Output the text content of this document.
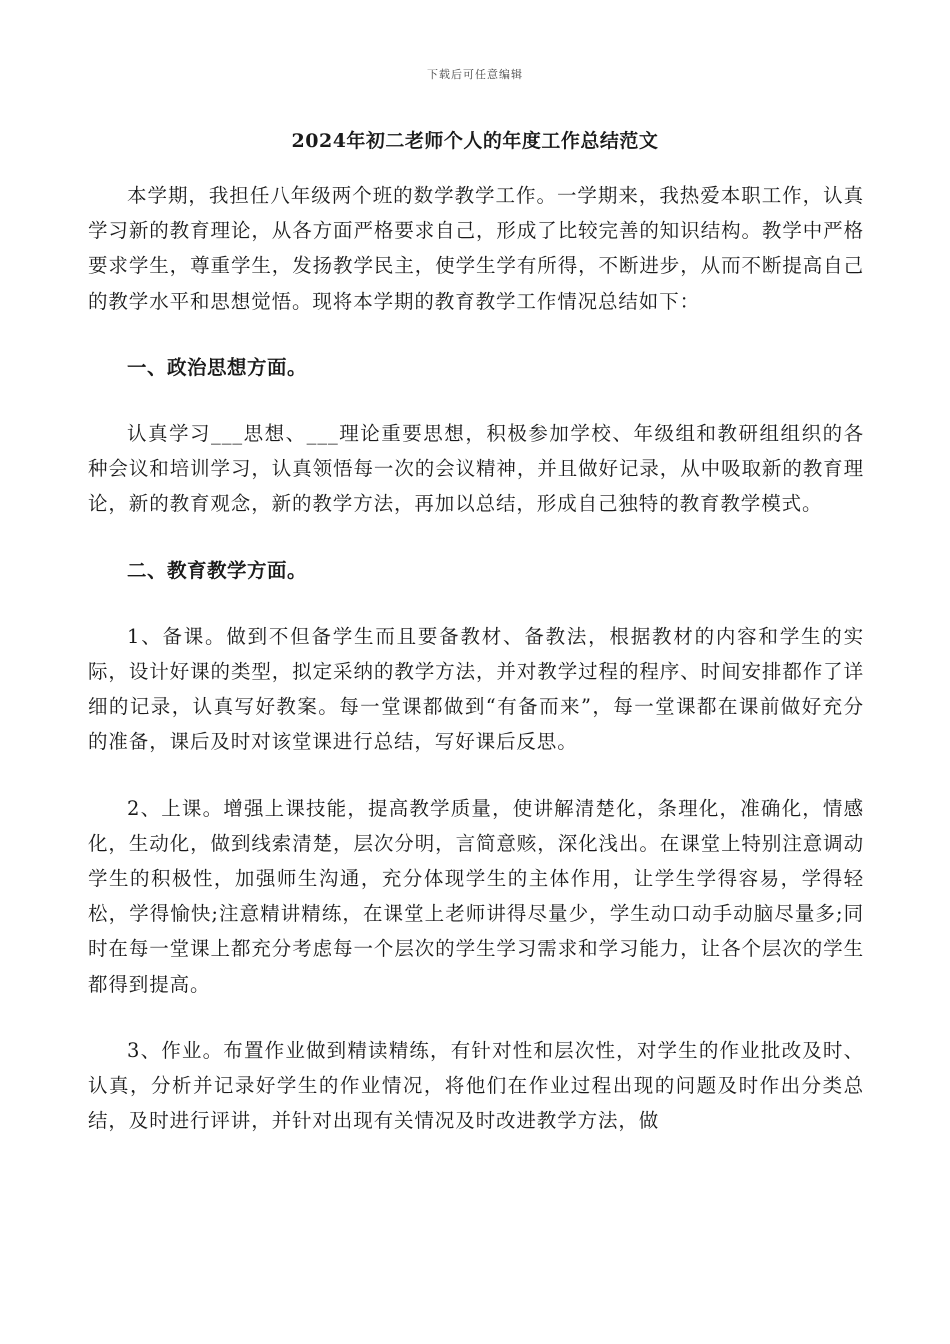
下载后可任意编辑
2024年初二老师个人的年度工作总结范文

本学期，我担任八年级两个班的数学教学工作。一学期来，我热爱本职工作，认真学习新的教育理论，从各方面严格要求自己，形成了比较完善的知识结构。教学中严格要求学生，尊重学生，发扬教学民主，使学生学有所得，不断进步，从而不断提高自己的教学水平和思想觉悟。现将本学期的教育教学工作情况总结如下：

一、政治思想方面。

认真学习___思想、___理论重要思想，积极参加学校、年级组和教研组组织的各种会议和培训学习，认真领悟每一次的会议精神，并且做好记录，从中吸取新的教育理论，新的教育观念，新的教学方法，再加以总结，形成自己独特的教育教学模式。

二、教育教学方面。

1、备课。做到不但备学生而且要备教材、备教法，根据教材的内容和学生的实际，设计好课的类型，拟定采纳的教学方法，并对教学过程的程序、时间安排都作了详细的记录，认真写好教案。每一堂课都做到“有备而来”，每一堂课都在课前做好充分的准备，课后及时对该堂课进行总结，写好课后反思。

2、上课。增强上课技能，提高教学质量，使讲解清楚化，条理化，准确化，情感化，生动化，做到线索清楚，层次分明，言简意赅，深化浅出。在课堂上特别注意调动学生的积极性，加强师生沟通，充分体现学生的主体作用，让学生学得容易，学得轻松，学得愉快;注意精讲精练，在课堂上老师讲得尽量少，学生动口动手动脑尽量多;同时在每一堂课上都充分考虑每一个层次的学生学习需求和学习能力，让各个层次的学生都得到提高。

3、作业。布置作业做到精读精练，有针对性和层次性，对学生的作业批改及时、认真，分析并记录好学生的作业情况，将他们在作业过程出现的问题及时作出分类总结，及时进行评讲，并针对出现有关情况及时改进教学方法，做
